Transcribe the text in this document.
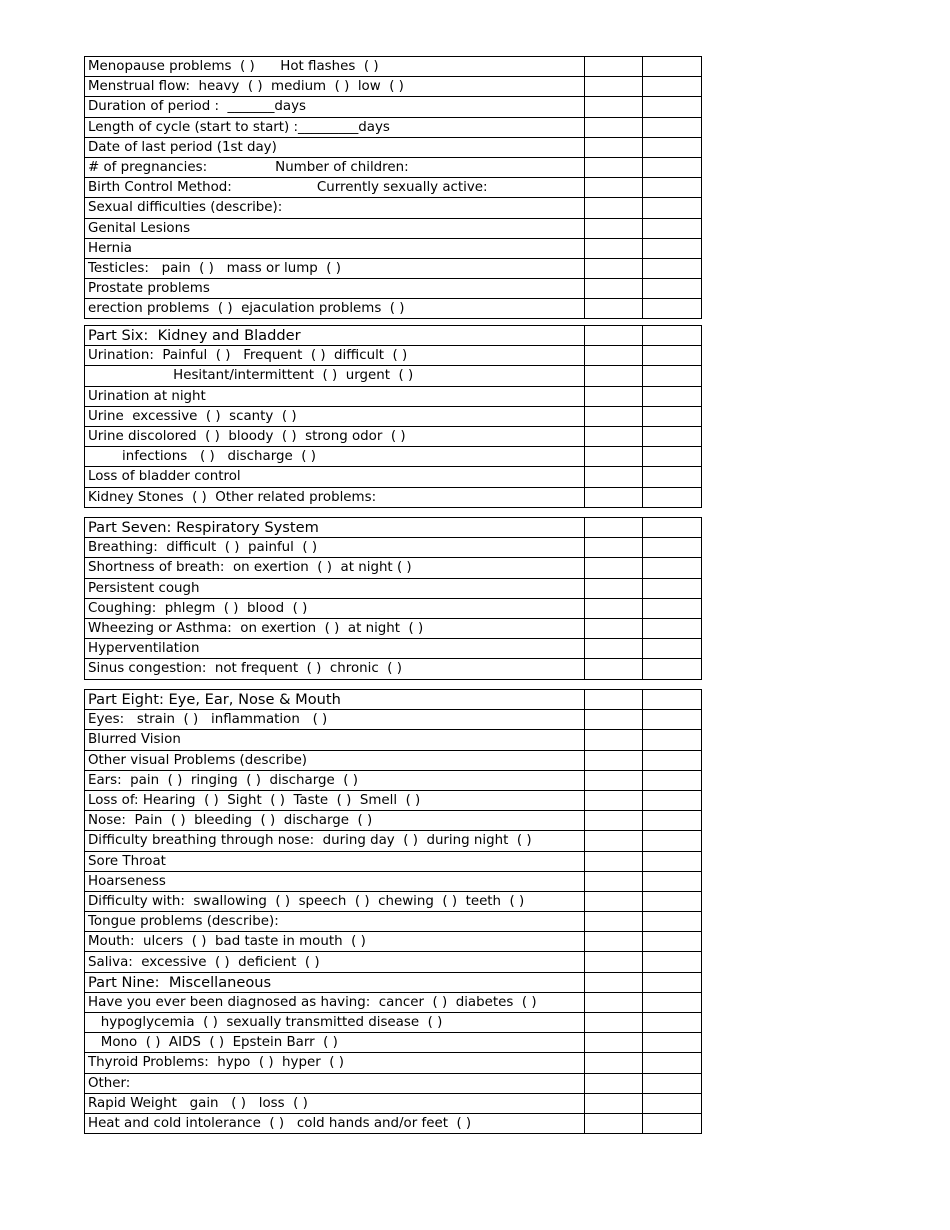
Menopause problems  ( )      Hot flashes  ( )		
Menstrual flow:  heavy  ( )  medium  ( )  low  ( )		
Duration of period :  _______days		
Length of cycle (start to start) :_________days		
Date of last period (1st day)		
# of pregnancies:                Number of children:		
Birth Control Method:                    Currently sexually active:		
Sexual difficulties (describe):		
Genital Lesions		
Hernia		
Testicles:   pain  ( )   mass or lump  ( )		
Prostate problems		
erection problems  ( )  ejaculation problems  ( )		
Part Six:  Kidney and Bladder		
Urination:  Painful  ( )   Frequent  ( )  difficult  ( )		
Hesitant/intermittent  ( )  urgent  ( )		
Urination at night		
Urine  excessive  ( )  scanty  ( )		
Urine discolored  ( )  bloody  ( )  strong odor  ( )		
infections   ( )   discharge  ( )		
Loss of bladder control		
Kidney Stones  ( )  Other related problems:		
Part Seven: Respiratory System		
Breathing:  difficult  ( )  painful  ( )		
Shortness of breath:  on exertion  ( )  at night ( )		
Persistent cough		
Coughing:  phlegm  ( )  blood  ( )		
Wheezing or Asthma:  on exertion  ( )  at night  ( )		
Hyperventilation		
Sinus congestion:  not frequent  ( )  chronic  ( )		
Part Eight: Eye, Ear, Nose & Mouth		
Eyes:   strain  ( )   inflammation   ( )		
Blurred Vision		
Other visual Problems (describe)		
Ears:  pain  ( )  ringing  ( )  discharge  ( )		
Loss of: Hearing  ( )  Sight  ( )  Taste  ( )  Smell  ( )		
Nose:  Pain  ( )  bleeding  ( )  discharge  ( )		
Difficulty breathing through nose:  during day  ( )  during night  ( )		
Sore Throat		
Hoarseness		
Difficulty with:  swallowing  ( )  speech  ( )  chewing  ( )  teeth  ( )		
Tongue problems (describe):		
Mouth:  ulcers  ( )  bad taste in mouth  ( )		
Saliva:  excessive  ( )  deficient  ( )		
Part Nine:  Miscellaneous		
Have you ever been diagnosed as having:  cancer  ( )  diabetes  ( )		
hypoglycemia  ( )  sexually transmitted disease  ( )		
Mono  ( )  AIDS  ( )  Epstein Barr  ( )		
Thyroid Problems:  hypo  ( )  hyper  ( )		
Other:		
Rapid Weight   gain   ( )   loss  ( )		
Heat and cold intolerance  ( )   cold hands and/or feet  ( )		
